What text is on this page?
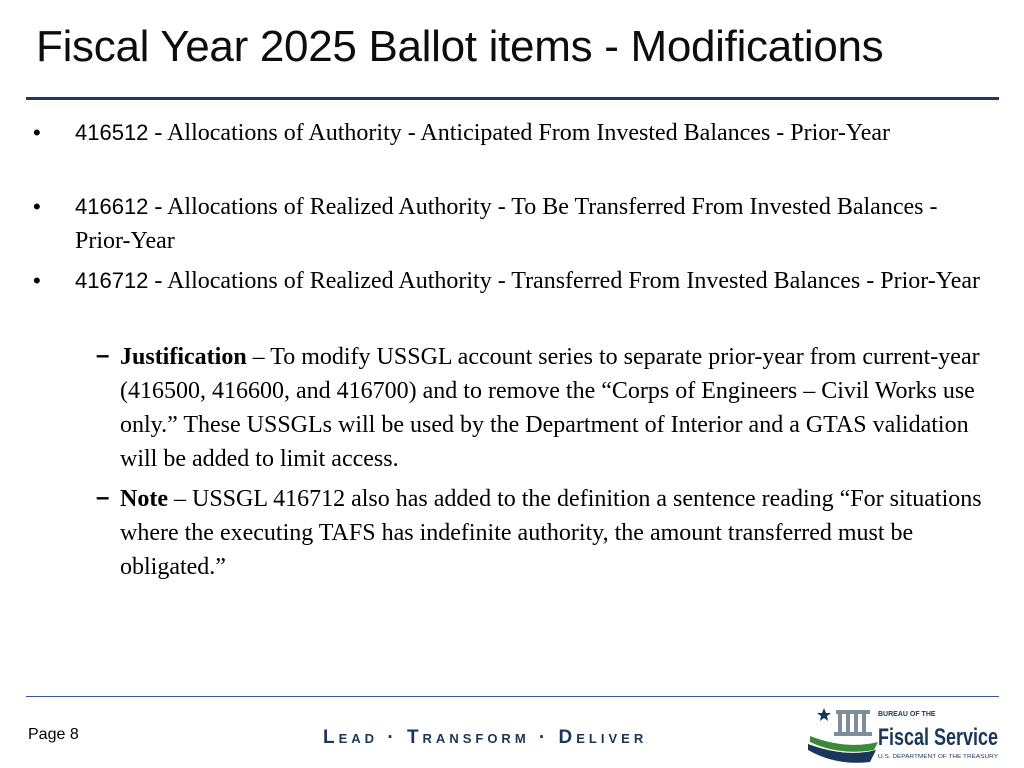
Fiscal Year 2025 Ballot items - Modifications
• 416512 - Allocations of Authority - Anticipated From Invested Balances - Prior-Year
• 416612 - Allocations of Realized Authority - To Be Transferred From Invested Balances - Prior-Year
• 416712 - Allocations of Realized Authority - Transferred From Invested Balances - Prior-Year
– Justification – To modify USSGL account series to separate prior-year from current-year (416500, 416600, and 416700) and to remove the “Corps of Engineers – Civil Works use only.” These USSGLs will be used by the Department of Interior and a GTAS validation will be added to limit access.
– Note – USSGL 416712 also has added to the definition a sentence reading “For situations where the executing TAFS has indefinite authority, the amount transferred must be obligated.”
Page 8	Lead · Transform · Deliver
BUREAU OF THE
Fiscal Service
U.S. DEPARTMENT OF THE TREASURY
